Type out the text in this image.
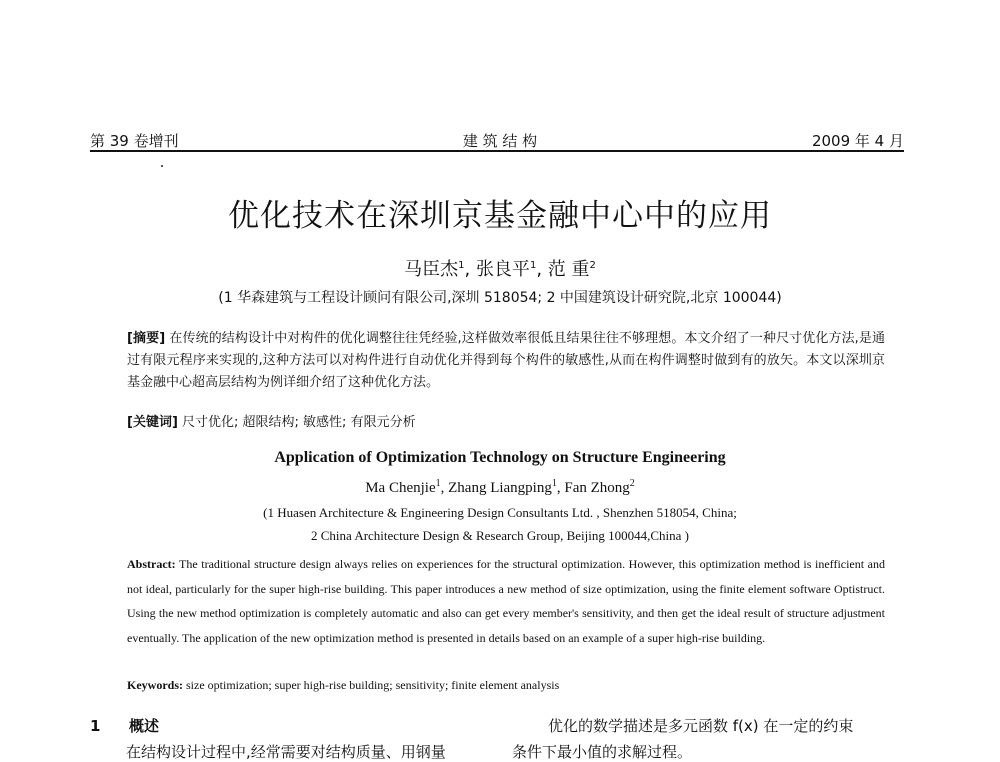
第 39 卷增刊	建 筑 结 构	2009 年 4 月
优化技术在深圳京基金融中心中的应用
马臣杰$^1$, 张良平$^1$, 范 重$^2$
(1 华森建筑与工程设计顾问有限公司,深圳 518054; 2 中国建筑设计研究院,北京 100044)
[摘要] 在传统的结构设计中对构件的优化调整往往凭经验,这样做效率很低且结果往往不够理想。本文介绍了一种尺寸优化方法,是通过有限元程序来实现的,这种方法可以对构件进行自动优化并得到每个构件的敏感性,从而在构件调整时做到有的放矢。本文以深圳京基金融中心超高层结构为例详细介绍了这种优化方法。
[关键词] 尺寸优化; 超限结构; 敏感性; 有限元分析
Application of Optimization Technology on Structure Engineering
Ma Chenjie$^1$, Zhang Liangping$^1$, Fan Zhong$^2$
(1 Huasen Architecture & Engineering Design Consultants Ltd. , Shenzhen 518054, China;
2 China Architecture Design & Research Group, Beijing 100044,China )
Abstract: The traditional structure design always relies on experiences for the structural optimization. However, this optimization method is inefficient and not ideal, particularly for the super high-rise building. This paper introduces a new method of size optimization, using the finite element software Optistruct. Using the new method optimization is completely automatic and also can get every member's sensitivity, and then get the ideal result of structure adjustment eventually. The application of the new optimization method is presented in details based on an example of a super high-rise building.
Keywords: size optimization; super high-rise building; sensitivity; finite element analysis
1 概述
在结构设计过程中,经常需要对结构质量、用钢量
优化的数学描述是多元函数 f(x) 在一定的约束
条件下最小值的求解过程。
